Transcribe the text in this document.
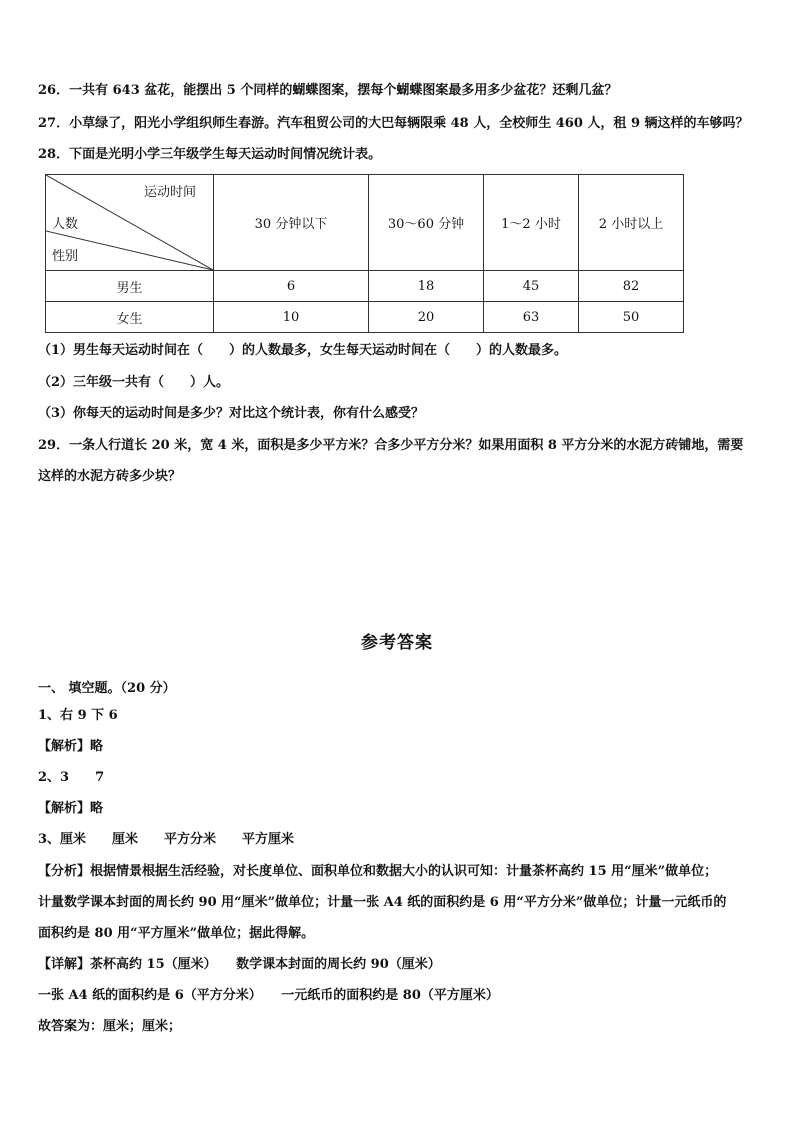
26．一共有 643 盆花，能摆出 5 个同样的蝴蝶图案，摆每个蝴蝶图案最多用多少盆花？还剩几盆？
27．小草绿了，阳光小学组织师生春游。汽车租贸公司的大巴每辆限乘 48 人，全校师生 460 人，租 9 辆这样的车够吗？
28．下面是光明小学三年级学生每天运动时间情况统计表。
运动时间
人数
性别	30 分钟以下	30～60 分钟	1～2 小时	2 小时以上
男生	6	18	45	82
女生	10	20	63	50
（1）男生每天运动时间在（　　）的人数最多，女生每天运动时间在（　　）的人数最多。
（2）三年级一共有（　　）人。
（3）你每天的运动时间是多少？对比这个统计表，你有什么感受？
29．一条人行道长 20 米，宽 4 米，面积是多少平方米？合多少平方分米？如果用面积 8 平方分米的水泥方砖铺地，需要
这样的水泥方砖多少块？
参考答案
一、 填空题。（20 分）
1、右 9 下 6
【解析】略
2、3　　7
【解析】略
3、厘米　　厘米　　平方分米　　平方厘米
【分析】根据情景根据生活经验，对长度单位、面积单位和数据大小的认识可知：计量茶杯高约 15 用“厘米”做单位；
计量数学课本封面的周长约 90 用“厘米”做单位；计量一张 A4 纸的面积约是 6 用“平方分米”做单位；计量一元纸币的
面积约是 80 用“平方厘米”做单位；据此得解。
【详解】茶杯高约 15（厘米）　　数学课本封面的周长约 90（厘米）
一张 A4 纸的面积约是 6（平方分米）　　一元纸币的面积约是 80（平方厘米）
故答案为：厘米；厘米；
